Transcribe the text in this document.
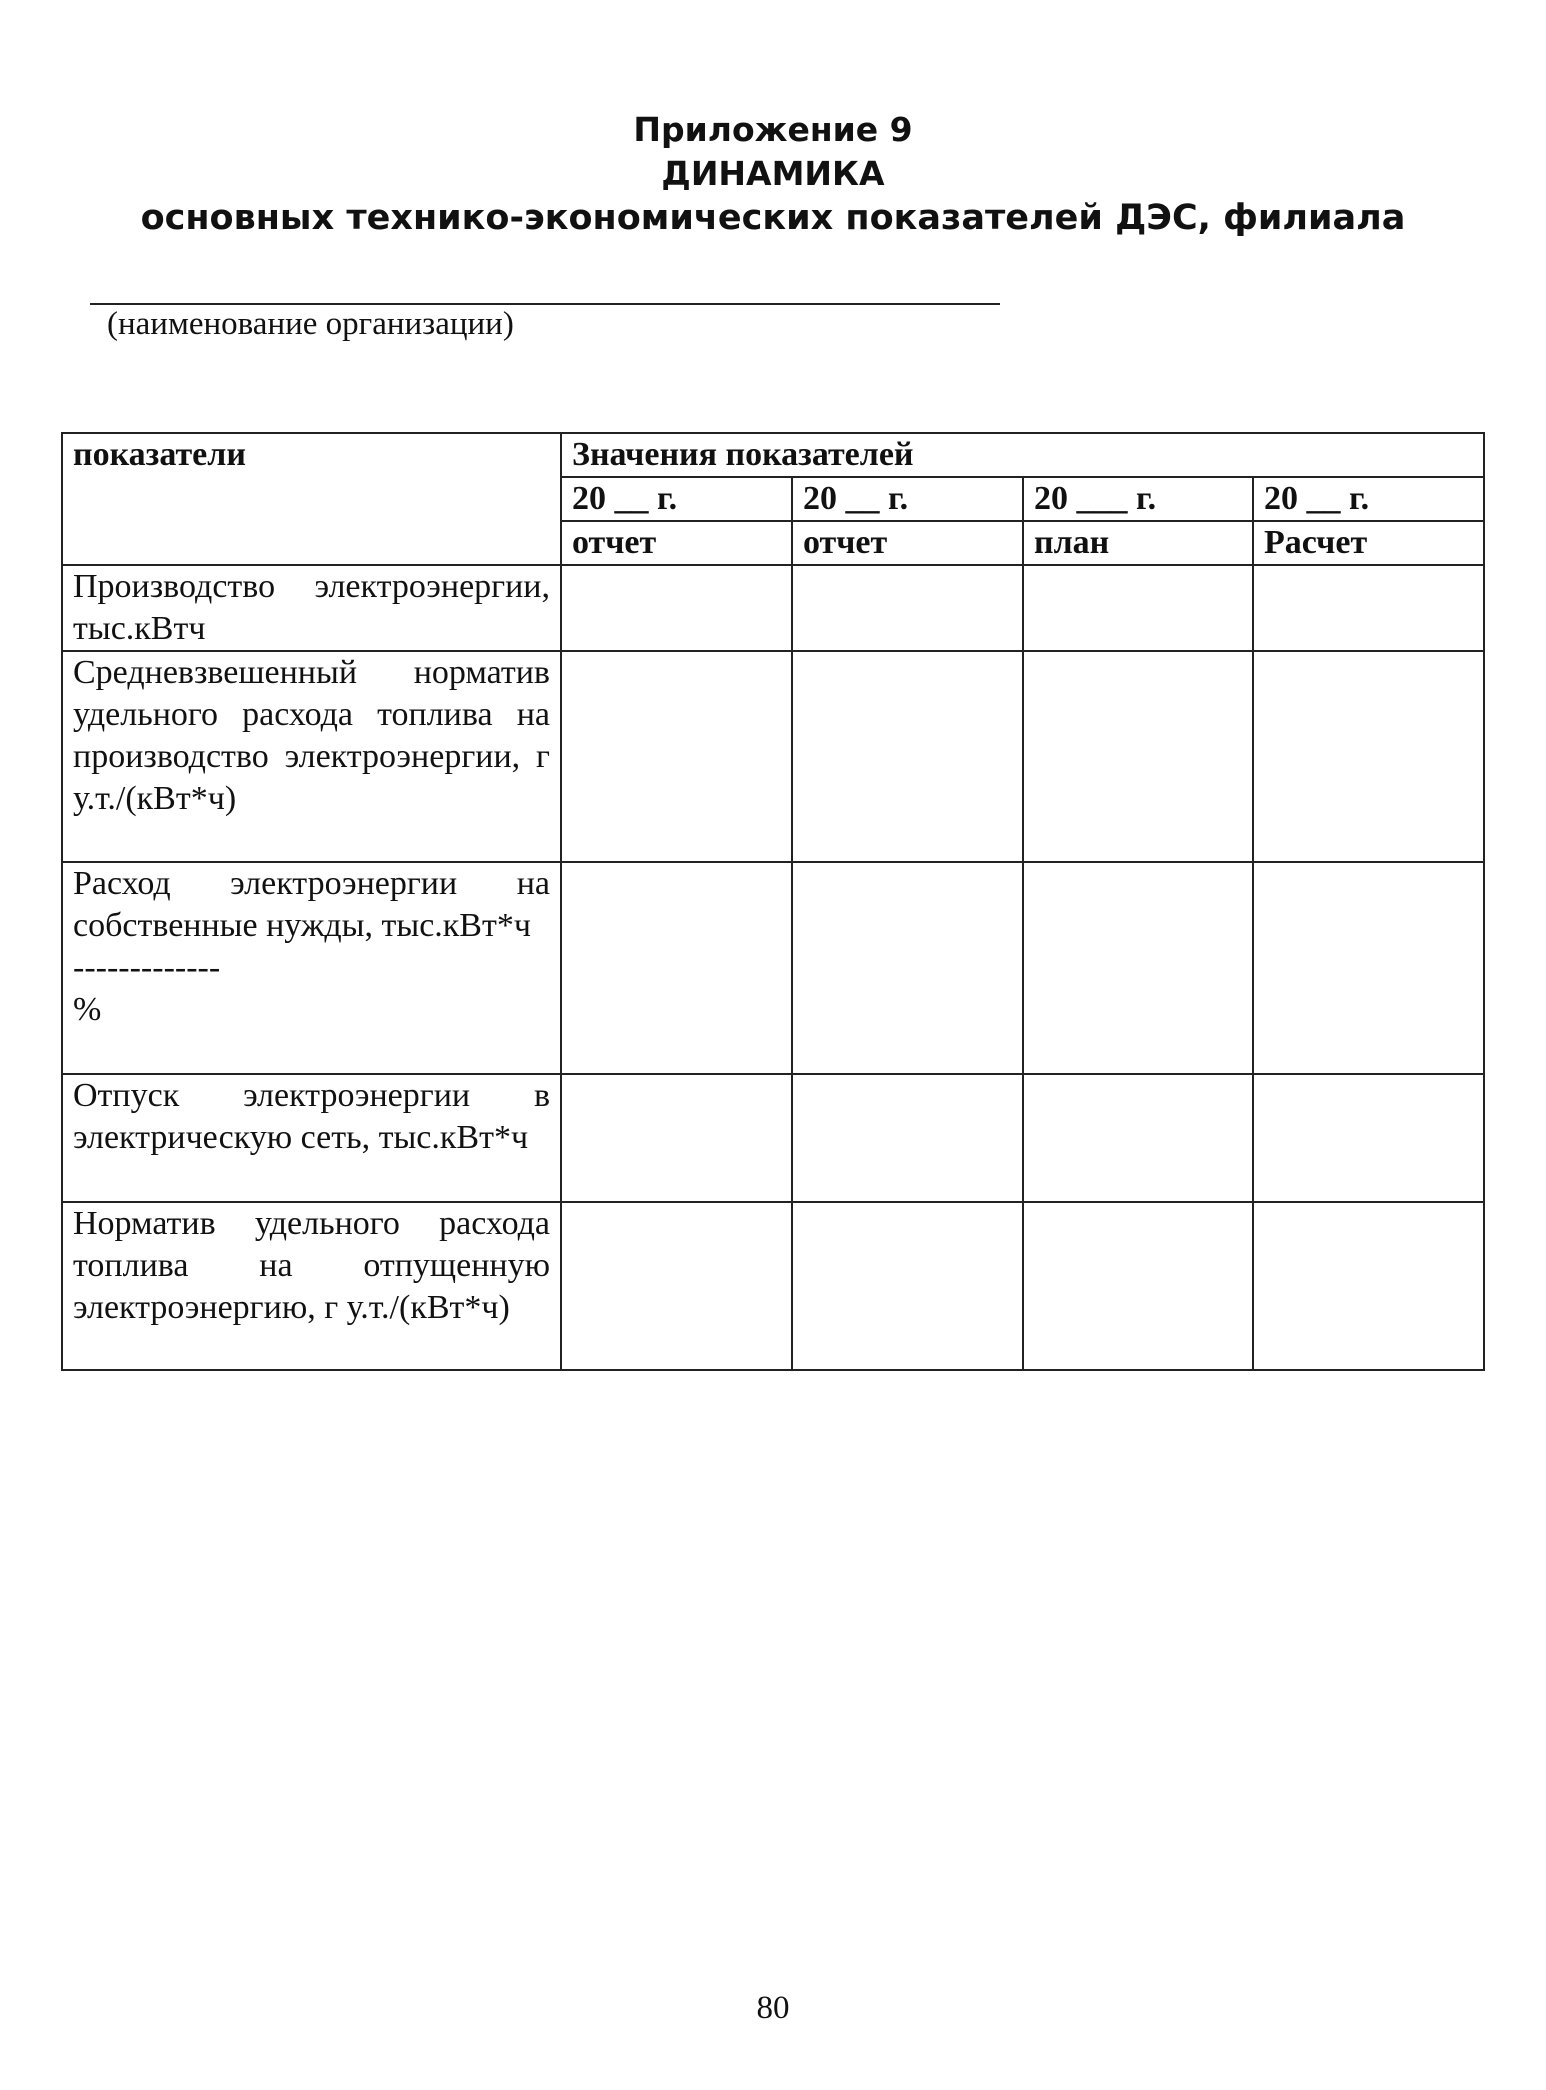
Приложение 9
ДИНАМИКА
основных технико-экономических показателей ДЭС, филиала
(наименование организации)
показатели	Значения показателей			
	20 __ г.	20 __ г.	20 ___ г.	20 __ г.
	отчет	отчет	план	Расчет
Производство электроэнергии, тыс.кВтч				
Средневзвешенный норматив удельного расхода топлива на производство электроэнергии, г у.т./(кВт*ч)				

Расход электроэнергии на собственные нужды, тыс.кВт*ч
-------------
%				

Отпуск электроэнергии в электрическую сеть, тыс.кВт*ч				
Норматив удельного расхода топлива на отпущенную электроэнергию, г у.т./(кВт*ч)				
80
